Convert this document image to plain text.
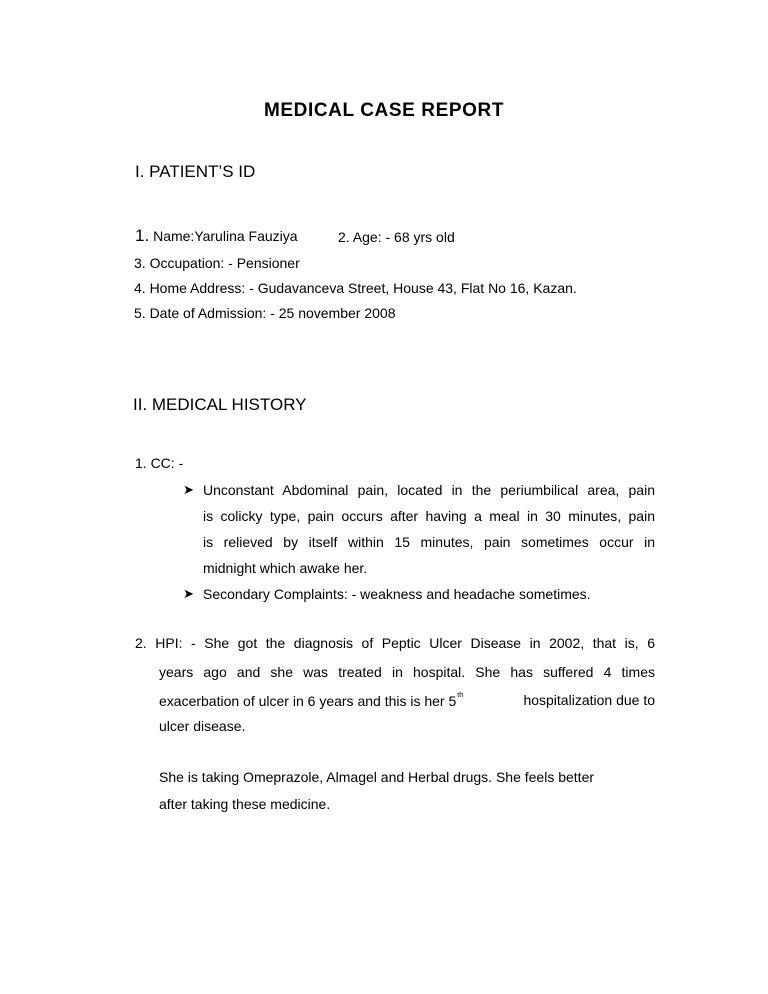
MEDICAL CASE REPORT
I. PATIENT’S ID
1. Name:Yarulina Fauziya	2. Age: - 68 yrs old
3. Occupation: - Pensioner
4. Home Address: - Gudavanceva Street, House 43, Flat No 16, Kazan.
5. Date of Admission: - 25 november 2008
II. MEDICAL HISTORY
1. CC: -
➤ Unconstant Abdominal pain, located in the periumbilical area, pain
is colicky type, pain occurs after having a meal in 30 minutes, pain
is relieved by itself within 15 minutes, pain sometimes occur in
midnight which awake her.
➤ Secondary Complaints: - weakness and headache sometimes.
2. HPI: - She got the diagnosis of Peptic Ulcer Disease in 2002, that is, 6
years ago and she was treated in hospital. She has suffered 4 times
exacerbation of ulcer in 6 years and this is her 5th	hospitalization due to
ulcer disease.
She is taking Omeprazole, Almagel and Herbal drugs. She feels better
after taking these medicine.
